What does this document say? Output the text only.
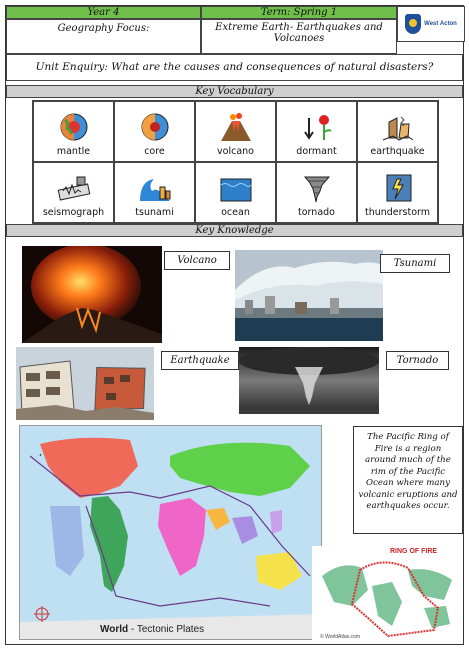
Year 4	Term: Spring 1
Geography Focus:	Extreme Earth- Earthquakes and Volcanoes
West Acton
Unit Enquiry: What are the causes and consequences of natural disasters?
Key Vocabulary
mantle	core	volcano	dormant	earthquake
seismograph	tsunami	ocean	tornado	thunderstorm
Key Knowledge
Volcano	Tsunami
Earthquake	Tornado
World - Tectonic Plates
The Pacific Ring of Fire is a region around much of the rim of the Pacific Ocean where many volcanic eruptions and earthquakes occur.
RING OF FIRE
© WorldAtlas.com
